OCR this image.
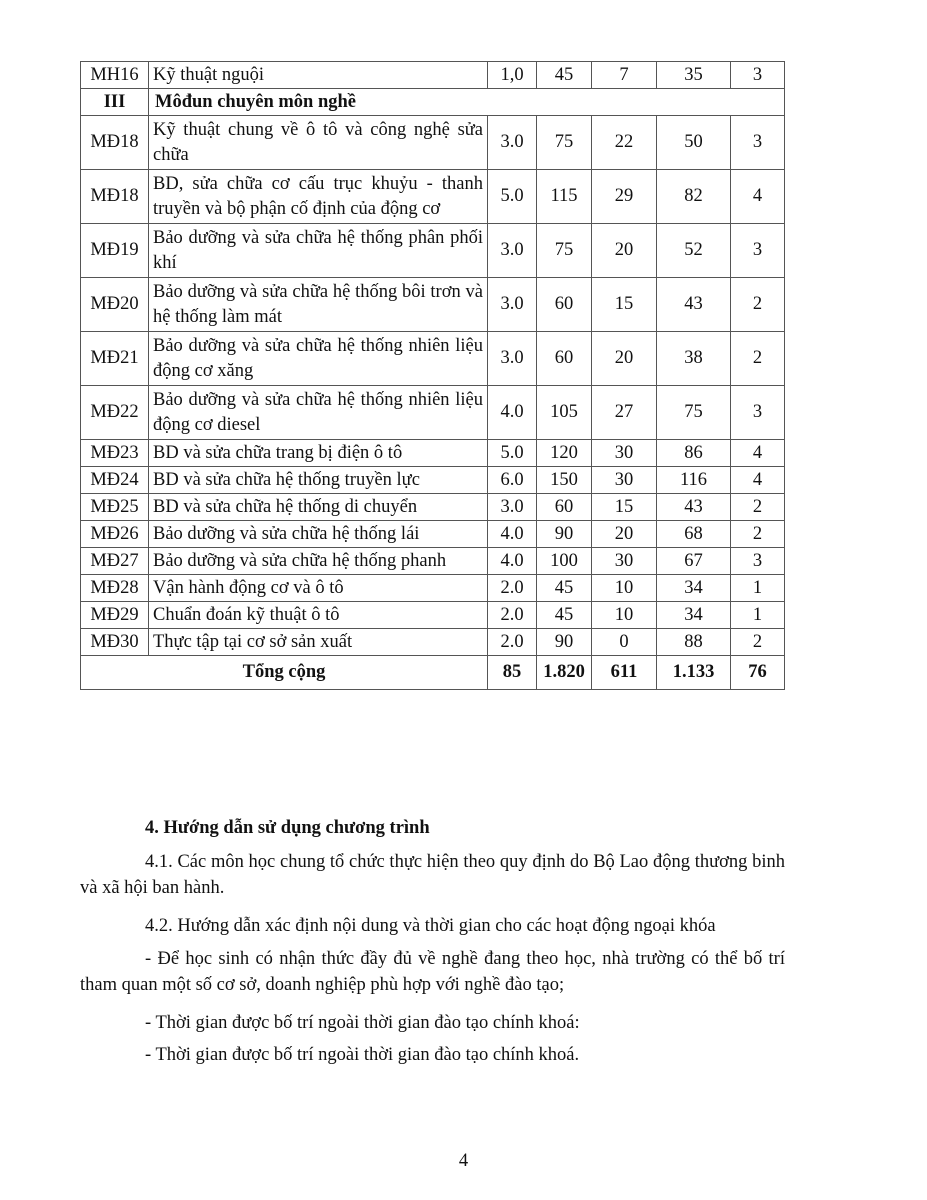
MH16	Kỹ thuật nguội	1,0	45	7	35	3
III	Môđun chuyên môn nghề					
MĐ18	Kỹ thuật chung về ô tô và công nghệ sửa chữa	3.0	75	22	50	3
MĐ18	BD, sửa chữa cơ cấu trục khuỷu - thanh truyền và bộ phận cố định của động cơ	5.0	115	29	82	4
MĐ19	Bảo dưỡng và sửa chữa hệ thống phân phối khí	3.0	75	20	52	3
MĐ20	Bảo dưỡng và sửa chữa hệ thống bôi trơn và hệ thống làm mát	3.0	60	15	43	2
MĐ21	Bảo dưỡng và sửa chữa hệ thống nhiên liệu động cơ xăng	3.0	60	20	38	2
MĐ22	Bảo dưỡng và sửa chữa hệ thống nhiên liệu động cơ diesel	4.0	105	27	75	3
MĐ23	BD và sửa chữa trang bị điện ô tô	5.0	120	30	86	4
MĐ24	BD và sửa chữa hệ thống truyền lực	6.0	150	30	116	4
MĐ25	BD và sửa chữa hệ thống di chuyển	3.0	60	15	43	2
MĐ26	Bảo dưỡng và sửa chữa hệ thống lái	4.0	90	20	68	2
MĐ27	Bảo dưỡng và sửa chữa hệ thống phanh	4.0	100	30	67	3
MĐ28	Vận hành động cơ và ô tô	2.0	45	10	34	1
MĐ29	Chuẩn đoán kỹ thuật ô tô	2.0	45	10	34	1
MĐ30	Thực tập tại cơ sở sản xuất	2.0	90	0	88	2
Tổng cộng		85	1.820	611	1.133	76
4. Hướng dẫn sử dụng chương trình
4.1. Các môn học chung tổ chức thực hiện theo quy định do Bộ Lao động thương binh và xã hội ban hành.
4.2. Hướng dẫn xác định nội dung và thời gian cho các hoạt động ngoại khóa
- Để học sinh có nhận thức đầy đủ về nghề đang theo học, nhà trường có thể bố trí tham quan một số cơ sở, doanh nghiệp phù hợp với nghề đào tạo;
- Thời gian được bố trí ngoài thời gian đào tạo chính khoá:
- Thời gian được bố trí ngoài thời gian đào tạo chính khoá.
4
